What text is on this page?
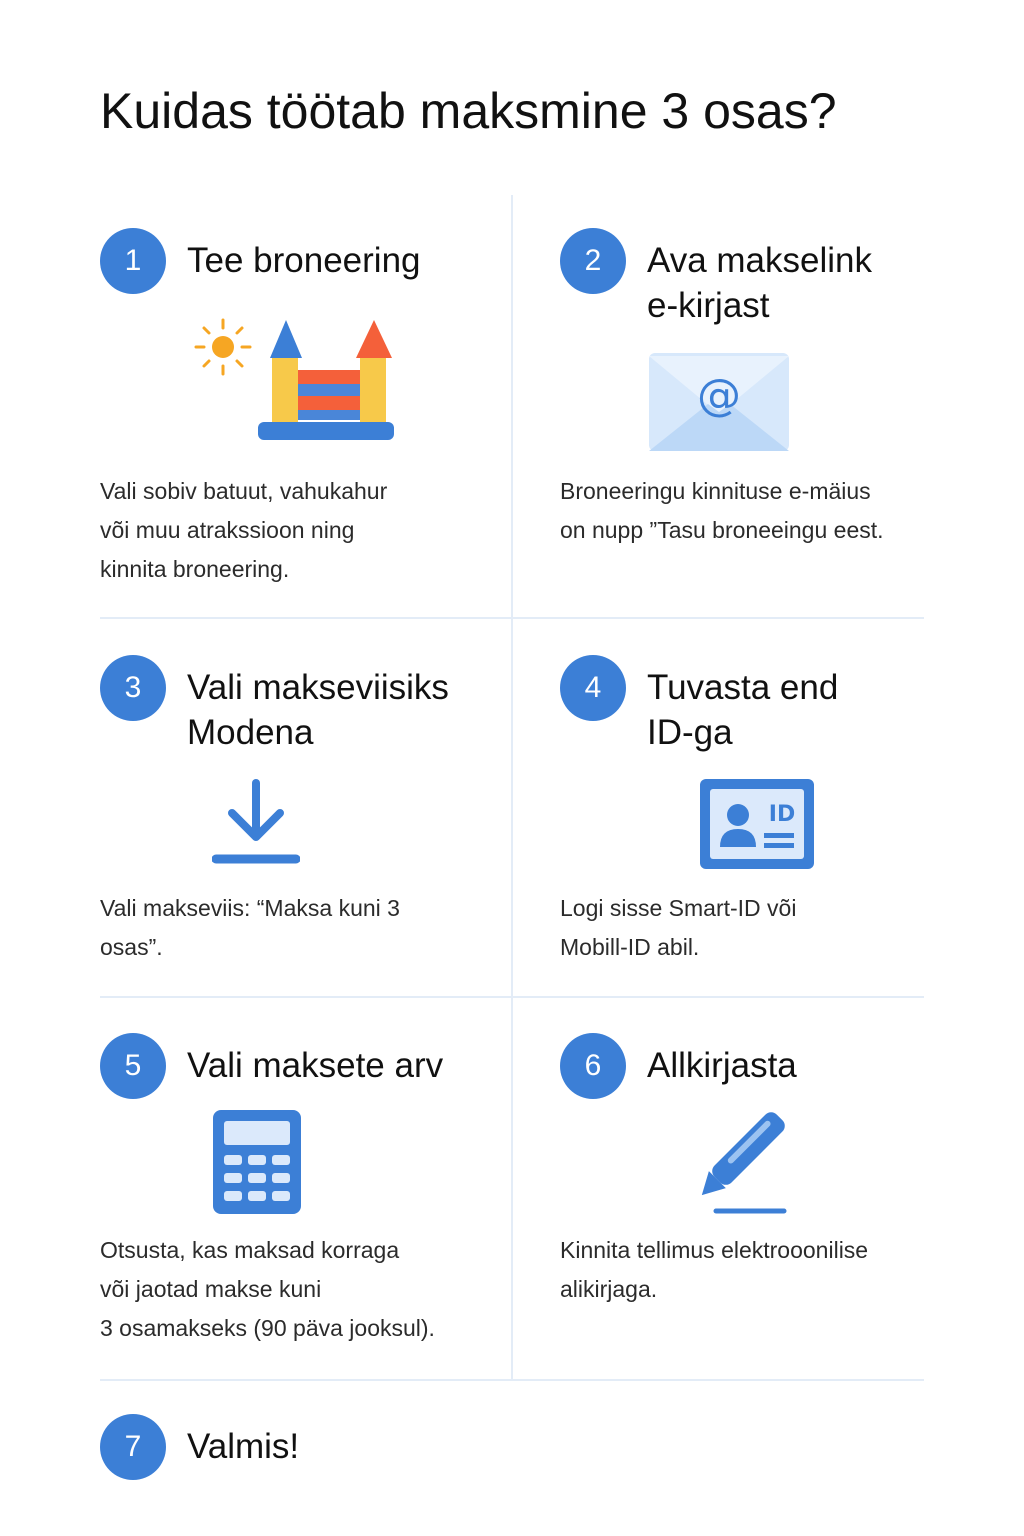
Kuidas töötab maksmine 3 osas?
1	Tee broneering
Vali sobiv batuut, vahukahur
või muu atrakssioon ning
kinnita broneering.
2	Ava makselink
e-kirjast
@
Broneeringu kinnituse e-mäius
on nupp ”Tasu broneeingu eest.
3	Vali makseviisiks
Modena
Vali makseviis: “Maksa kuni 3
osas”.
4	Tuvasta end
ID-ga
ID
Logi sisse Smart-ID või
Mobill-ID abil.
5	Vali maksete arv
Otsusta, kas maksad korraga
või jaotad makse kuni
3 osamakseks (90 päva jooksul).
6	Allkirjasta
Kinnita tellimus elektrooonilise
alikirjaga.
7	Valmis!
